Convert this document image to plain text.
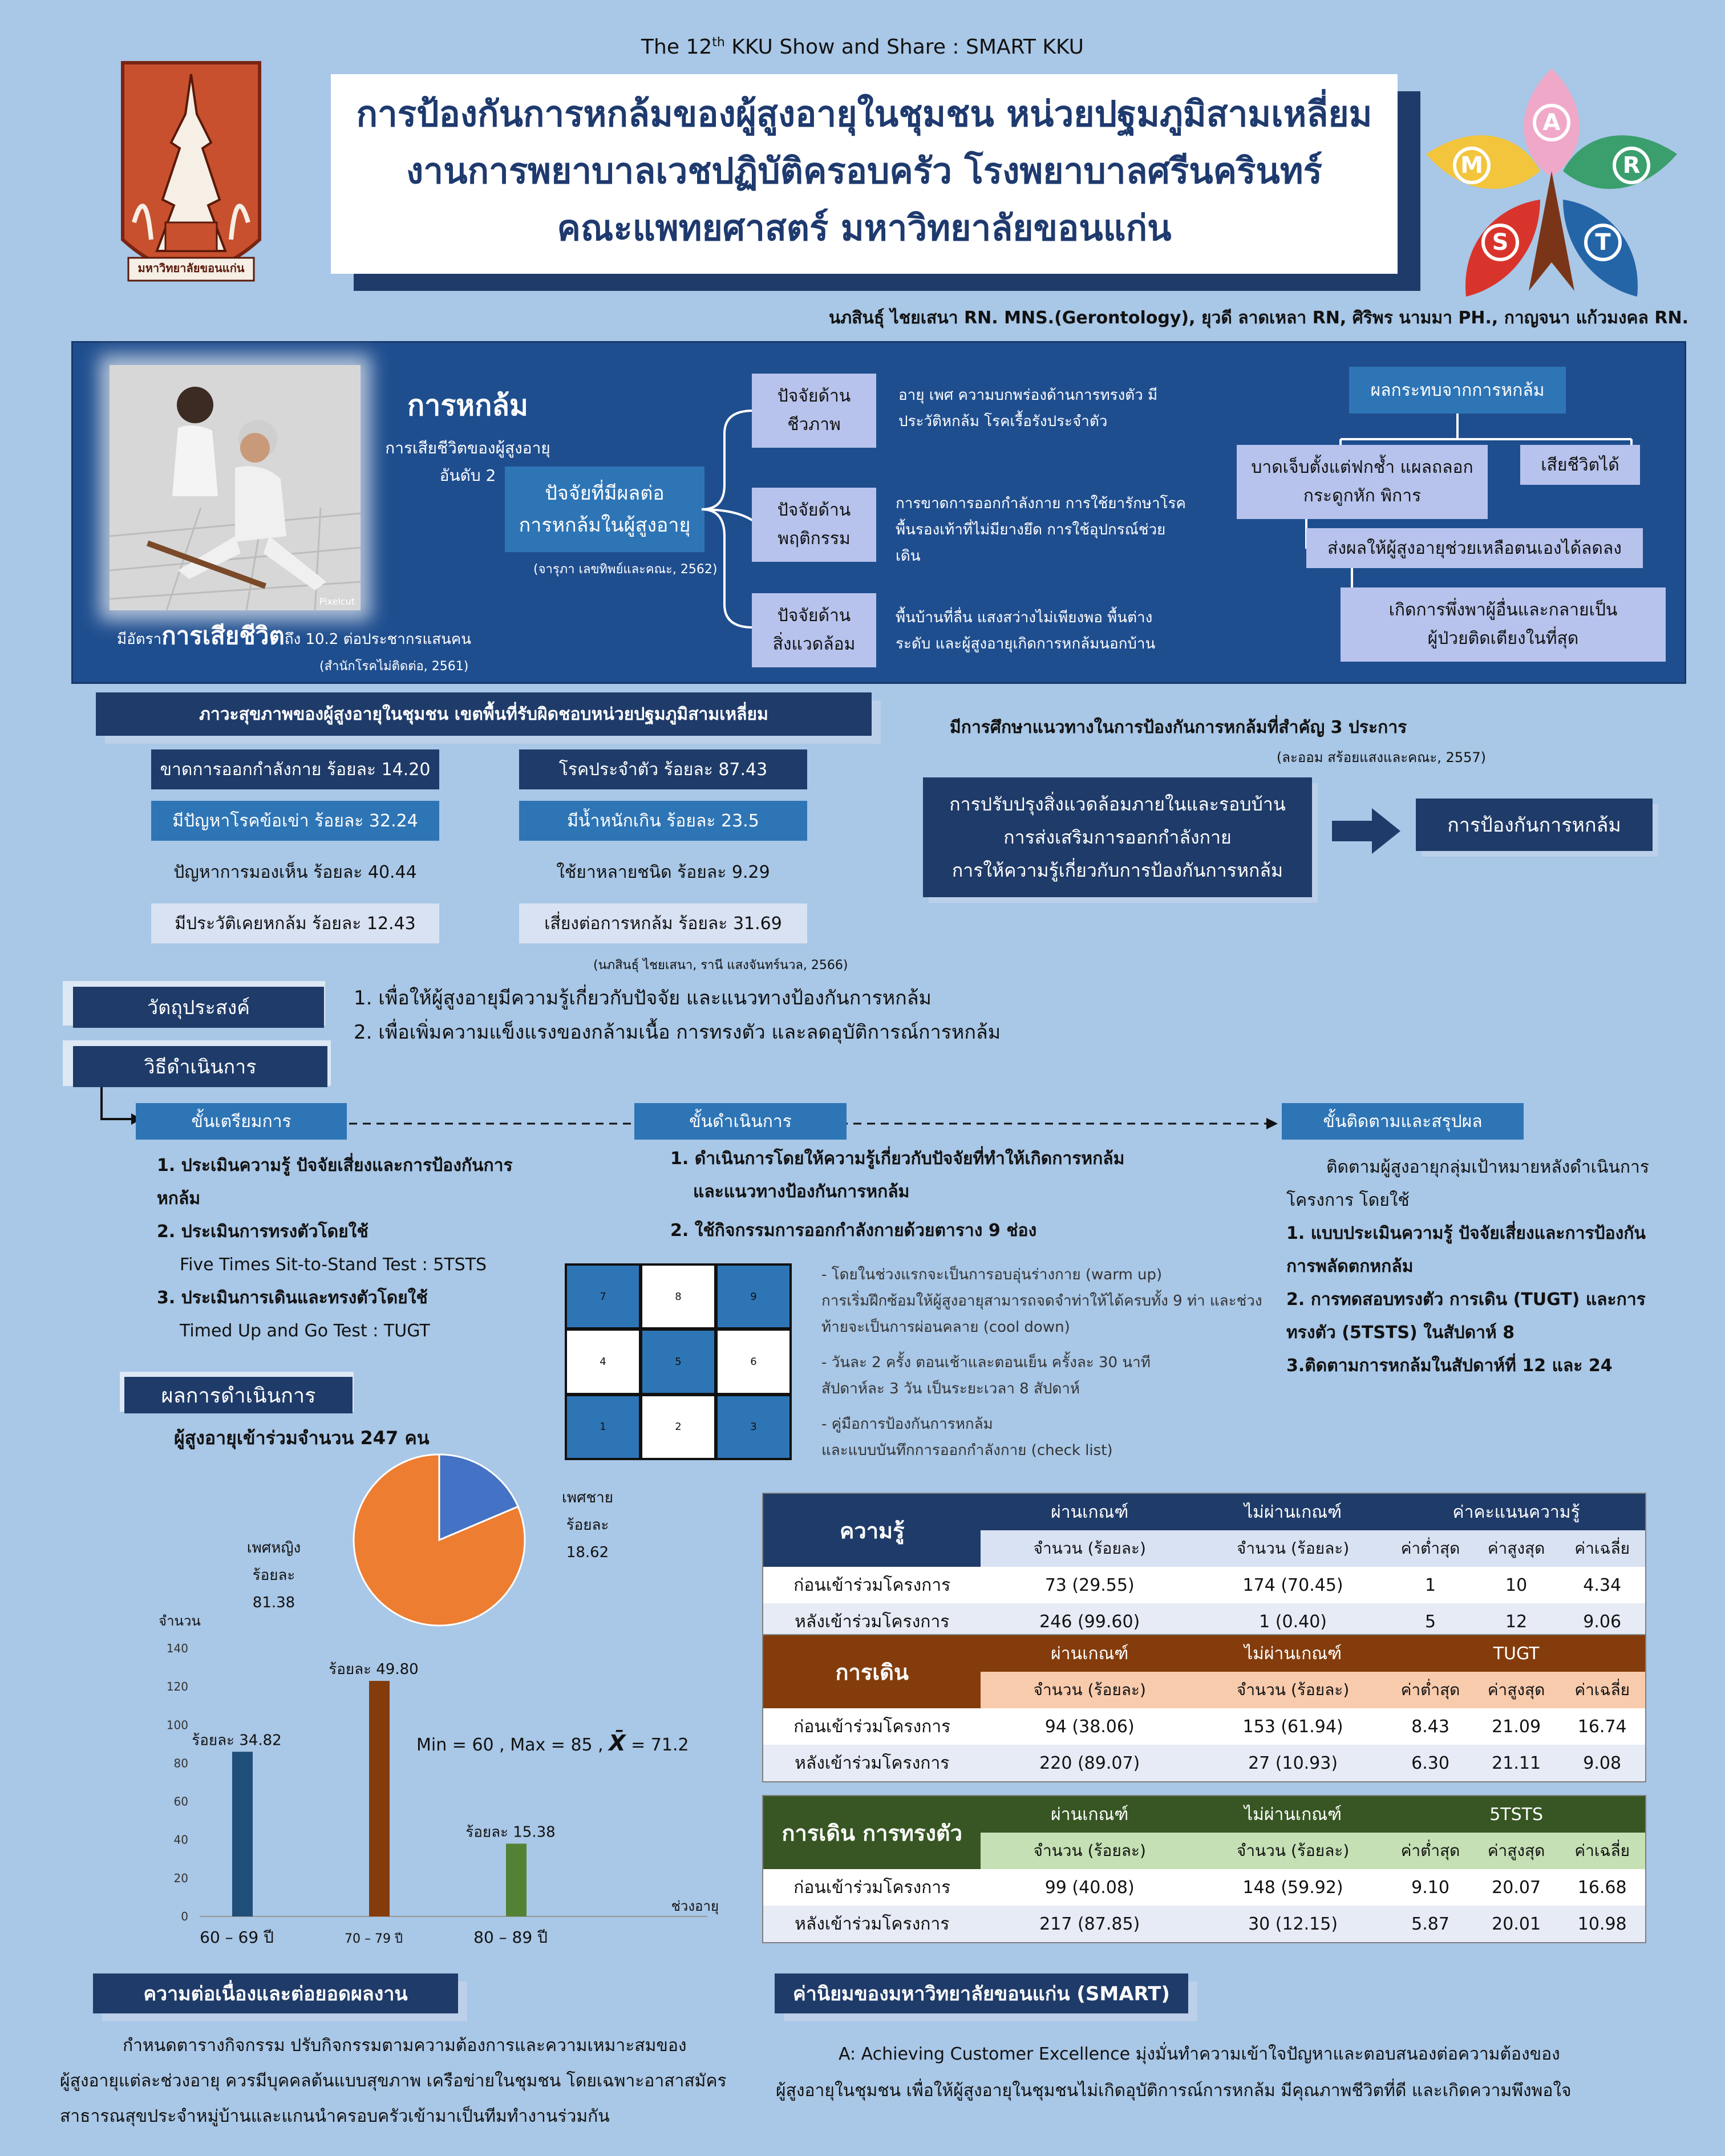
The 12th KKU Show and Share : SMART KKU
มหาวิทยาลัยขอนแก่น
การป้องกันการหกล้มของผู้สูงอายุในชุมชน หน่วยปฐมภูมิสามเหลี่ยม
งานการพยาบาลเวชปฏิบัติครอบครัว โรงพยาบาลศรีนครินทร์
คณะแพทยศาสตร์ มหาวิทยาลัยขอนแก่น
A
M	R
S	T
นภสินธุ์ ไชยเสนา RN. MNS.(Gerontology), ยุวดี ลาดเหลา RN, ศิริพร นามมา PH., กาญจนา แก้วมงคล RN.
Pixelcut
การหกล้ม
การเสียชีวิตของผู้สูงอายุ
อันดับ 2
มีอัตราการเสียชีวิตถึง 10.2 ต่อประชากรแสนคน
(สำนักโรคไม่ติดต่อ, 2561)
ปัจจัยที่มีผลต่อ
การหกล้มในผู้สูงอายุ
(จารุภา เลขทิพย์และคณะ, 2562)
ปัจจัยด้าน
ชีวภาพ
อายุ เพศ ความบกพร่องด้านการทรงตัว มี
ประวัติหกล้ม โรคเรื้อรังประจำตัว
ปัจจัยด้าน
พฤติกรรม
การขาดการออกกำลังกาย การใช้ยารักษาโรค
พื้นรองเท้าที่ไม่มียางยึด การใช้อุปกรณ์ช่วย
เดิน
ปัจจัยด้าน
สิ่งแวดล้อม
พื้นบ้านที่ลื่น แสงสว่างไม่เพียงพอ พื้นต่าง
ระดับ และผู้สูงอายุเกิดการหกล้มนอกบ้าน
ผลกระทบจากการหกล้ม
บาดเจ็บตั้งแต่ฟกช้ำ แผลถลอก
กระดูกหัก พิการ
เสียชีวิตได้
ส่งผลให้ผู้สูงอายุช่วยเหลือตนเองได้ลดลง
เกิดการพึ่งพาผู้อื่นและกลายเป็น
ผู้ป่วยติดเตียงในที่สุด
ภาวะสุขภาพของผู้สูงอายุในชุมชน เขตพื้นที่รับผิดชอบหน่วยปฐมภูมิสามเหลี่ยม
ขาดการออกกำลังกาย ร้อยละ 14.20
มีปัญหาโรคข้อเข่า ร้อยละ 32.24
ปัญหาการมองเห็น ร้อยละ 40.44
มีประวัติเคยหกล้ม ร้อยละ 12.43
โรคประจำตัว ร้อยละ 87.43
มีน้ำหนักเกิน ร้อยละ 23.5
ใช้ยาหลายชนิด ร้อยละ 9.29
เสี่ยงต่อการหกล้ม ร้อยละ 31.69
(นภสินธุ์ ไชยเสนา, รานี แสงจันทร์นวล, 2566)
มีการศึกษาแนวทางในการป้องกันการหกล้มที่สำคัญ 3 ประการ
(ละออม สร้อยแสงและคณะ, 2557)
การปรับปรุงสิ่งแวดล้อมภายในและรอบบ้าน
การส่งเสริมการออกกำลังกาย
การให้ความรู้เกี่ยวกับการป้องกันการหกล้ม
การป้องกันการหกล้ม
วัตถุประสงค์	1. เพื่อให้ผู้สูงอายุมีความรู้เกี่ยวกับปัจจัย และแนวทางป้องกันการหกล้ม
2. เพื่อเพิ่มความแข็งแรงของกล้ามเนื้อ การทรงตัว และลดอุบัติการณ์การหกล้ม
วิธีดำเนินการ
ขั้นเตรียมการ	ขั้นดำเนินการ	ขั้นติดตามและสรุปผล
1. ประเมินความรู้ ปัจจัยเสี่ยงและการป้องกันการ
หกล้ม
2. ประเมินการทรงตัวโดยใช้
Five Times Sit-to-Stand Test : 5TSTS
3. ประเมินการเดินและทรงตัวโดยใช้
Timed Up and Go Test : TUGT
1. ดำเนินการโดยให้ความรู้เกี่ยวกับปัจจัยที่ทำให้เกิดการหกล้ม
และแนวทางป้องกันการหกล้ม
2. ใช้กิจกรรมการออกกำลังกายด้วยตาราง 9 ช่อง
7	8	9
4	5	6
1	2	3
- โดยในช่วงแรกจะเป็นการอบอุ่นร่างกาย (warm up)
การเริ่มฝึกซ้อมให้ผู้สูงอายุสามารถจดจำท่าให้ได้ครบทั้ง 9 ท่า และช่วง
ท้ายจะเป็นการผ่อนคลาย (cool down)
- วันละ 2 ครั้ง ตอนเช้าและตอนเย็น ครั้งละ 30 นาที
สัปดาห์ละ 3 วัน เป็นระยะเวลา 8 สัปดาห์
- คู่มือการป้องกันการหกล้ม
และแบบบันทึกการออกกำลังกาย (check list)
ติดตามผู้สูงอายุกลุ่มเป้าหมายหลังดำเนินการ
โครงการ โดยใช้
1. แบบประเมินความรู้ ปัจจัยเสี่ยงและการป้องกัน
การพลัดตกหกล้ม
2. การทดสอบทรงตัว การเดิน (TUGT) และการ
ทรงตัว (5TSTS) ในสัปดาห์ 8
3.ติดตามการหกล้มในสัปดาห์ที่ 12 และ 24
ผลการดำเนินการ
ผู้สูงอายุเข้าร่วมจำนวน 247 คน
เพศชาย
ร้อยละ
18.62
เพศหญิง
ร้อยละ
81.38
จำนวน
0
20
40
60
80
100
120
140
ร้อยละ 34.82
60 – 69 ปี
ร้อยละ 49.80
70 – 79 ปี
ร้อยละ 15.38
80 – 89 ปี
ช่วงอายุ
Min = 60 , Max = 85 , X̄ = 71.2
ความรู้	ผ่านเกณฑ์	ไม่ผ่านเกณฑ์	ค่าคะแนนความรู้		
	จำนวน (ร้อยละ)	จำนวน (ร้อยละ)	ค่าต่ำสุด	ค่าสูงสุด	ค่าเฉลี่ย
ก่อนเข้าร่วมโครงการ	73 (29.55)	174 (70.45)	1	10	4.34
หลังเข้าร่วมโครงการ	246 (99.60)	1 (0.40)	5	12	9.06
การเดิน	ผ่านเกณฑ์	ไม่ผ่านเกณฑ์	TUGT		
	จำนวน (ร้อยละ)	จำนวน (ร้อยละ)	ค่าต่ำสุด	ค่าสูงสุด	ค่าเฉลี่ย
ก่อนเข้าร่วมโครงการ	94 (38.06)	153 (61.94)	8.43	21.09	16.74
หลังเข้าร่วมโครงการ	220 (89.07)	27 (10.93)	6.30	21.11	9.08
การเดิน การทรงตัว	ผ่านเกณฑ์	ไม่ผ่านเกณฑ์	5TSTS		
	จำนวน (ร้อยละ)	จำนวน (ร้อยละ)	ค่าต่ำสุด	ค่าสูงสุด	ค่าเฉลี่ย
ก่อนเข้าร่วมโครงการ	99 (40.08)	148 (59.92)	9.10	20.07	16.68
หลังเข้าร่วมโครงการ	217 (87.85)	30 (12.15)	5.87	20.01	10.98
ความต่อเนื่องและต่อยอดผลงาน
กำหนดตารางกิจกรรม ปรับกิจกรรมตามความต้องการและความเหมาะสมของ
ผู้สูงอายุแต่ละช่วงอายุ ควรมีบุคคลต้นแบบสุขภาพ เครือข่ายในชุมชน โดยเฉพาะอาสาสมัคร
สาธารณสุขประจำหมู่บ้านและแกนนำครอบครัวเข้ามาเป็นทีมทำงานร่วมกัน
ค่านิยมของมหาวิทยาลัยขอนแก่น (SMART)
A: Achieving Customer Excellence มุ่งมั่นทำความเข้าใจปัญหาและตอบสนองต่อความต้องของ
ผู้สูงอายุในชุมชน เพื่อให้ผู้สูงอายุในชุมชนไม่เกิดอุบัติการณ์การหกล้ม มีคุณภาพชีวิตที่ดี และเกิดความพึงพอใจ
